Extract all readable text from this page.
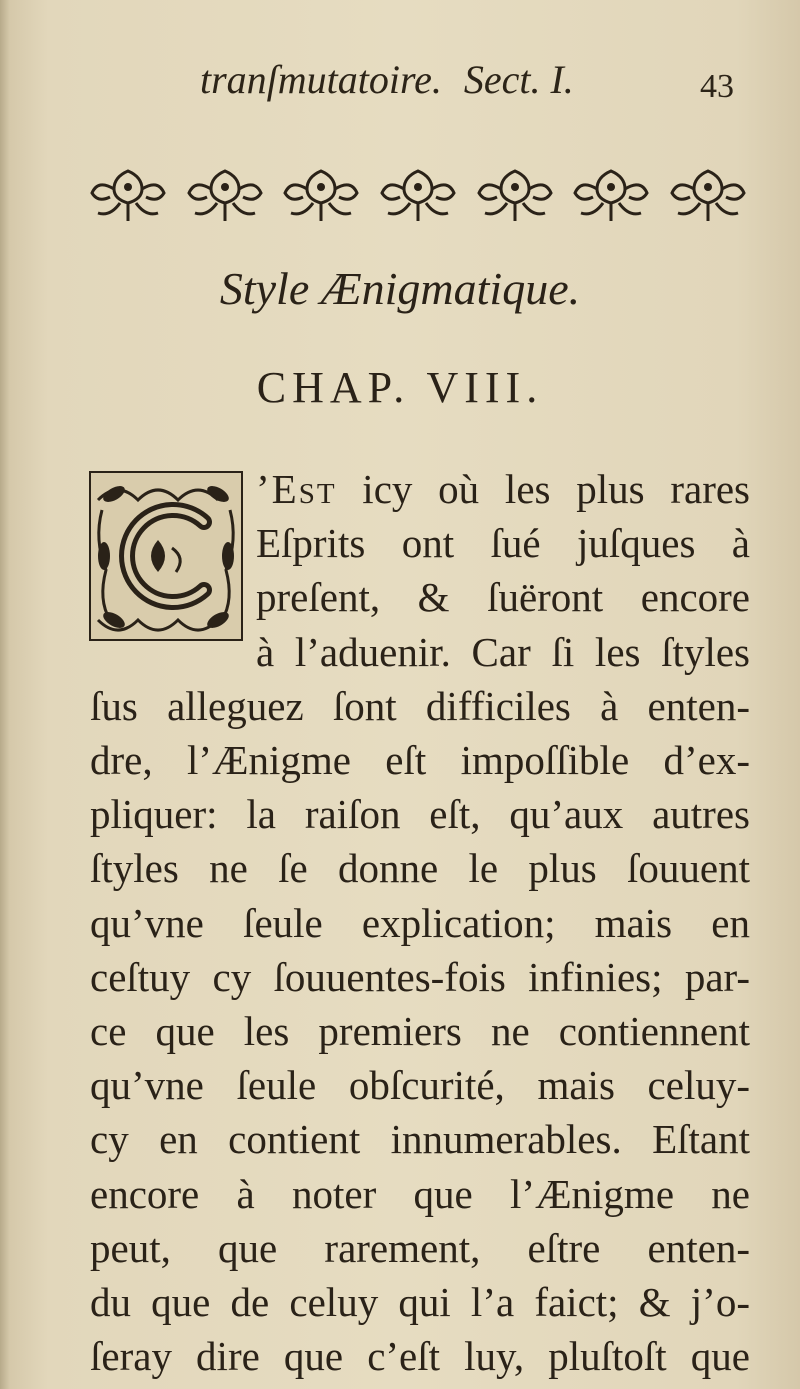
tranſmutatoire. Sect. I.	43
Style Ænigmatique.
CHAP. VIII.
’Est icy où les plus rares
Eſprits ont ſué juſques à
preſent, & ſuëront encore
à l’aduenir. Car ſi les ſtyles
ſus alleguez ſont difficiles à enten-
dre, l’Ænigme eſt impoſſible d’ex-
pliquer: la raiſon eſt, qu’aux autres
ſtyles ne ſe donne le plus ſouuent
qu’vne ſeule explication; mais en
ceſtuy cy ſouuentes-fois infinies; par-
ce que les premiers ne contiennent
qu’vne ſeule obſcurité, mais celuy-
cy en contient innumerables. Eſtant
encore à noter que l’Ænigme ne
peut, que rarement, eſtre enten-
du que de celuy qui l’a faict; & j’o-
ſeray dire que c’eſt luy, pluſtoſt que
